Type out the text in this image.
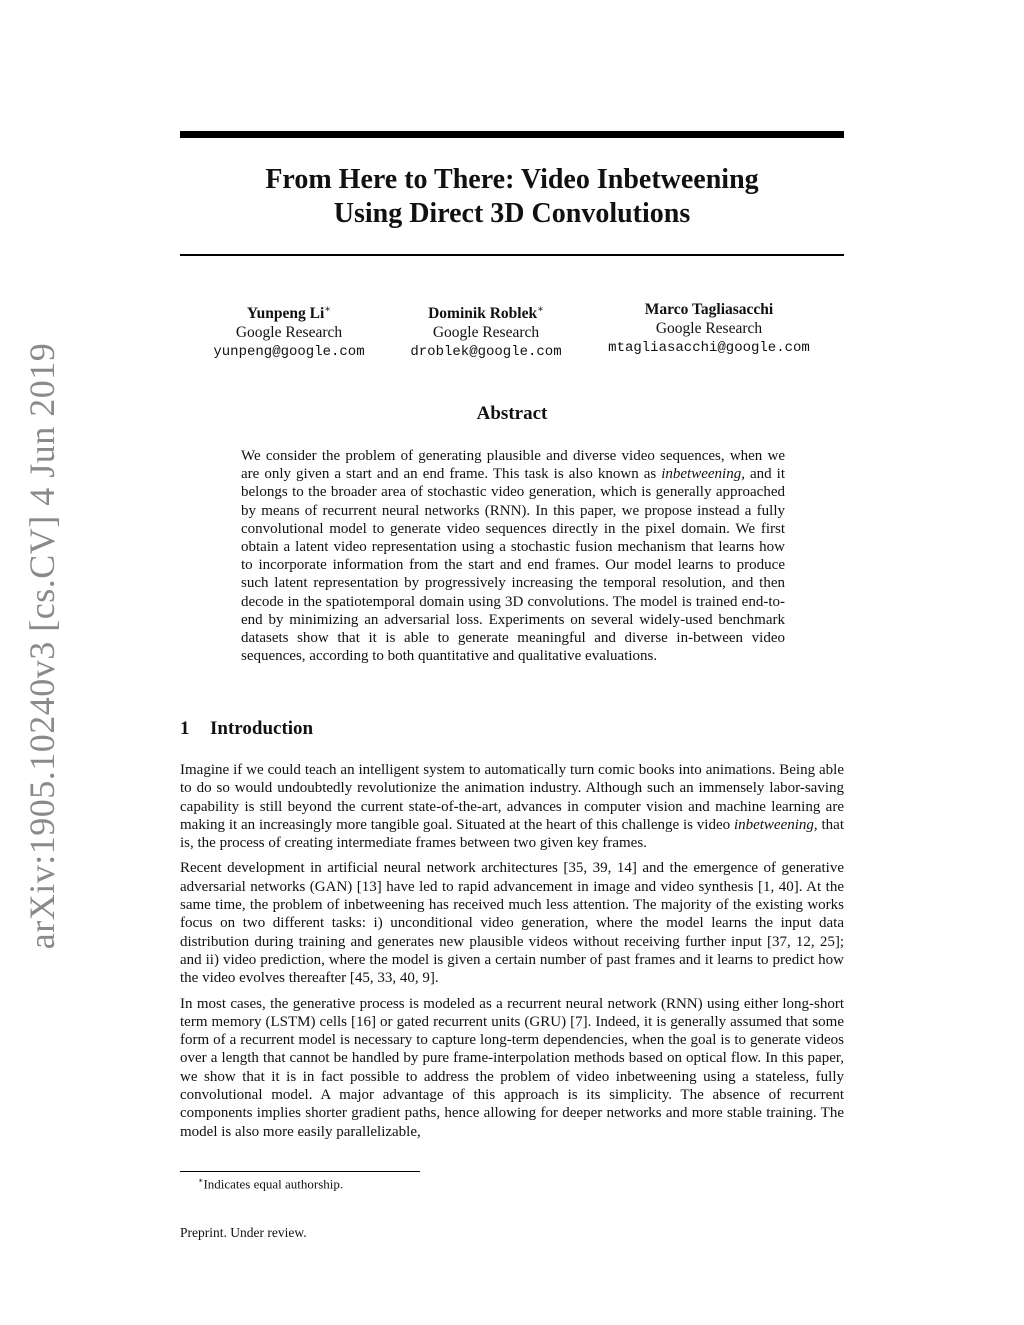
arXiv:1905.10240v3 [cs.CV] 4 Jun 2019
From Here to There: Video Inbetweening
Using Direct 3D Convolutions
Yunpeng Li∗
Google Research
yunpeng@google.com
Dominik Roblek∗
Google Research
droblek@google.com
Marco Tagliasacchi
Google Research
mtagliasacchi@google.com
Abstract
We consider the problem of generating plausible and diverse video sequences, when we are only given a start and an end frame. This task is also known as inbetweening, and it belongs to the broader area of stochastic video generation, which is generally approached by means of recurrent neural networks (RNN). In this paper, we propose instead a fully convolutional model to generate video sequences directly in the pixel domain. We first obtain a latent video representation using a stochastic fusion mechanism that learns how to incorporate information from the start and end frames. Our model learns to produce such latent representation by progressively increasing the temporal resolution, and then decode in the spatiotemporal domain using 3D convolutions. The model is trained end-to-end by minimizing an adversarial loss. Experiments on several widely-used benchmark datasets show that it is able to generate meaningful and diverse in-between video sequences, according to both quantitative and qualitative evaluations.
1 Introduction

Imagine if we could teach an intelligent system to automatically turn comic books into animations. Being able to do so would undoubtedly revolutionize the animation industry. Although such an immensely labor-saving capability is still beyond the current state-of-the-art, advances in computer vision and machine learning are making it an increasingly more tangible goal. Situated at the heart of this challenge is video inbetweening, that is, the process of creating intermediate frames between two given key frames.

Recent development in artificial neural network architectures [35, 39, 14] and the emergence of generative adversarial networks (GAN) [13] have led to rapid advancement in image and video synthesis [1, 40]. At the same time, the problem of inbetweening has received much less attention. The majority of the existing works focus on two different tasks: i) unconditional video generation, where the model learns the input data distribution during training and generates new plausible videos without receiving further input [37, 12, 25]; and ii) video prediction, where the model is given a certain number of past frames and it learns to predict how the video evolves thereafter [45, 33, 40, 9].

In most cases, the generative process is modeled as a recurrent neural network (RNN) using either long-short term memory (LSTM) cells [16] or gated recurrent units (GRU) [7]. Indeed, it is generally assumed that some form of a recurrent model is necessary to capture long-term dependencies, when the goal is to generate videos over a length that cannot be handled by pure frame-interpolation methods based on optical flow. In this paper, we show that it is in fact possible to address the problem of video inbetweening using a stateless, fully convolutional model. A major advantage of this approach is its simplicity. The absence of recurrent components implies shorter gradient paths, hence allowing for deeper networks and more stable training. The model is also more easily parallelizable,

∗Indicates equal authorship.
Preprint. Under review.
